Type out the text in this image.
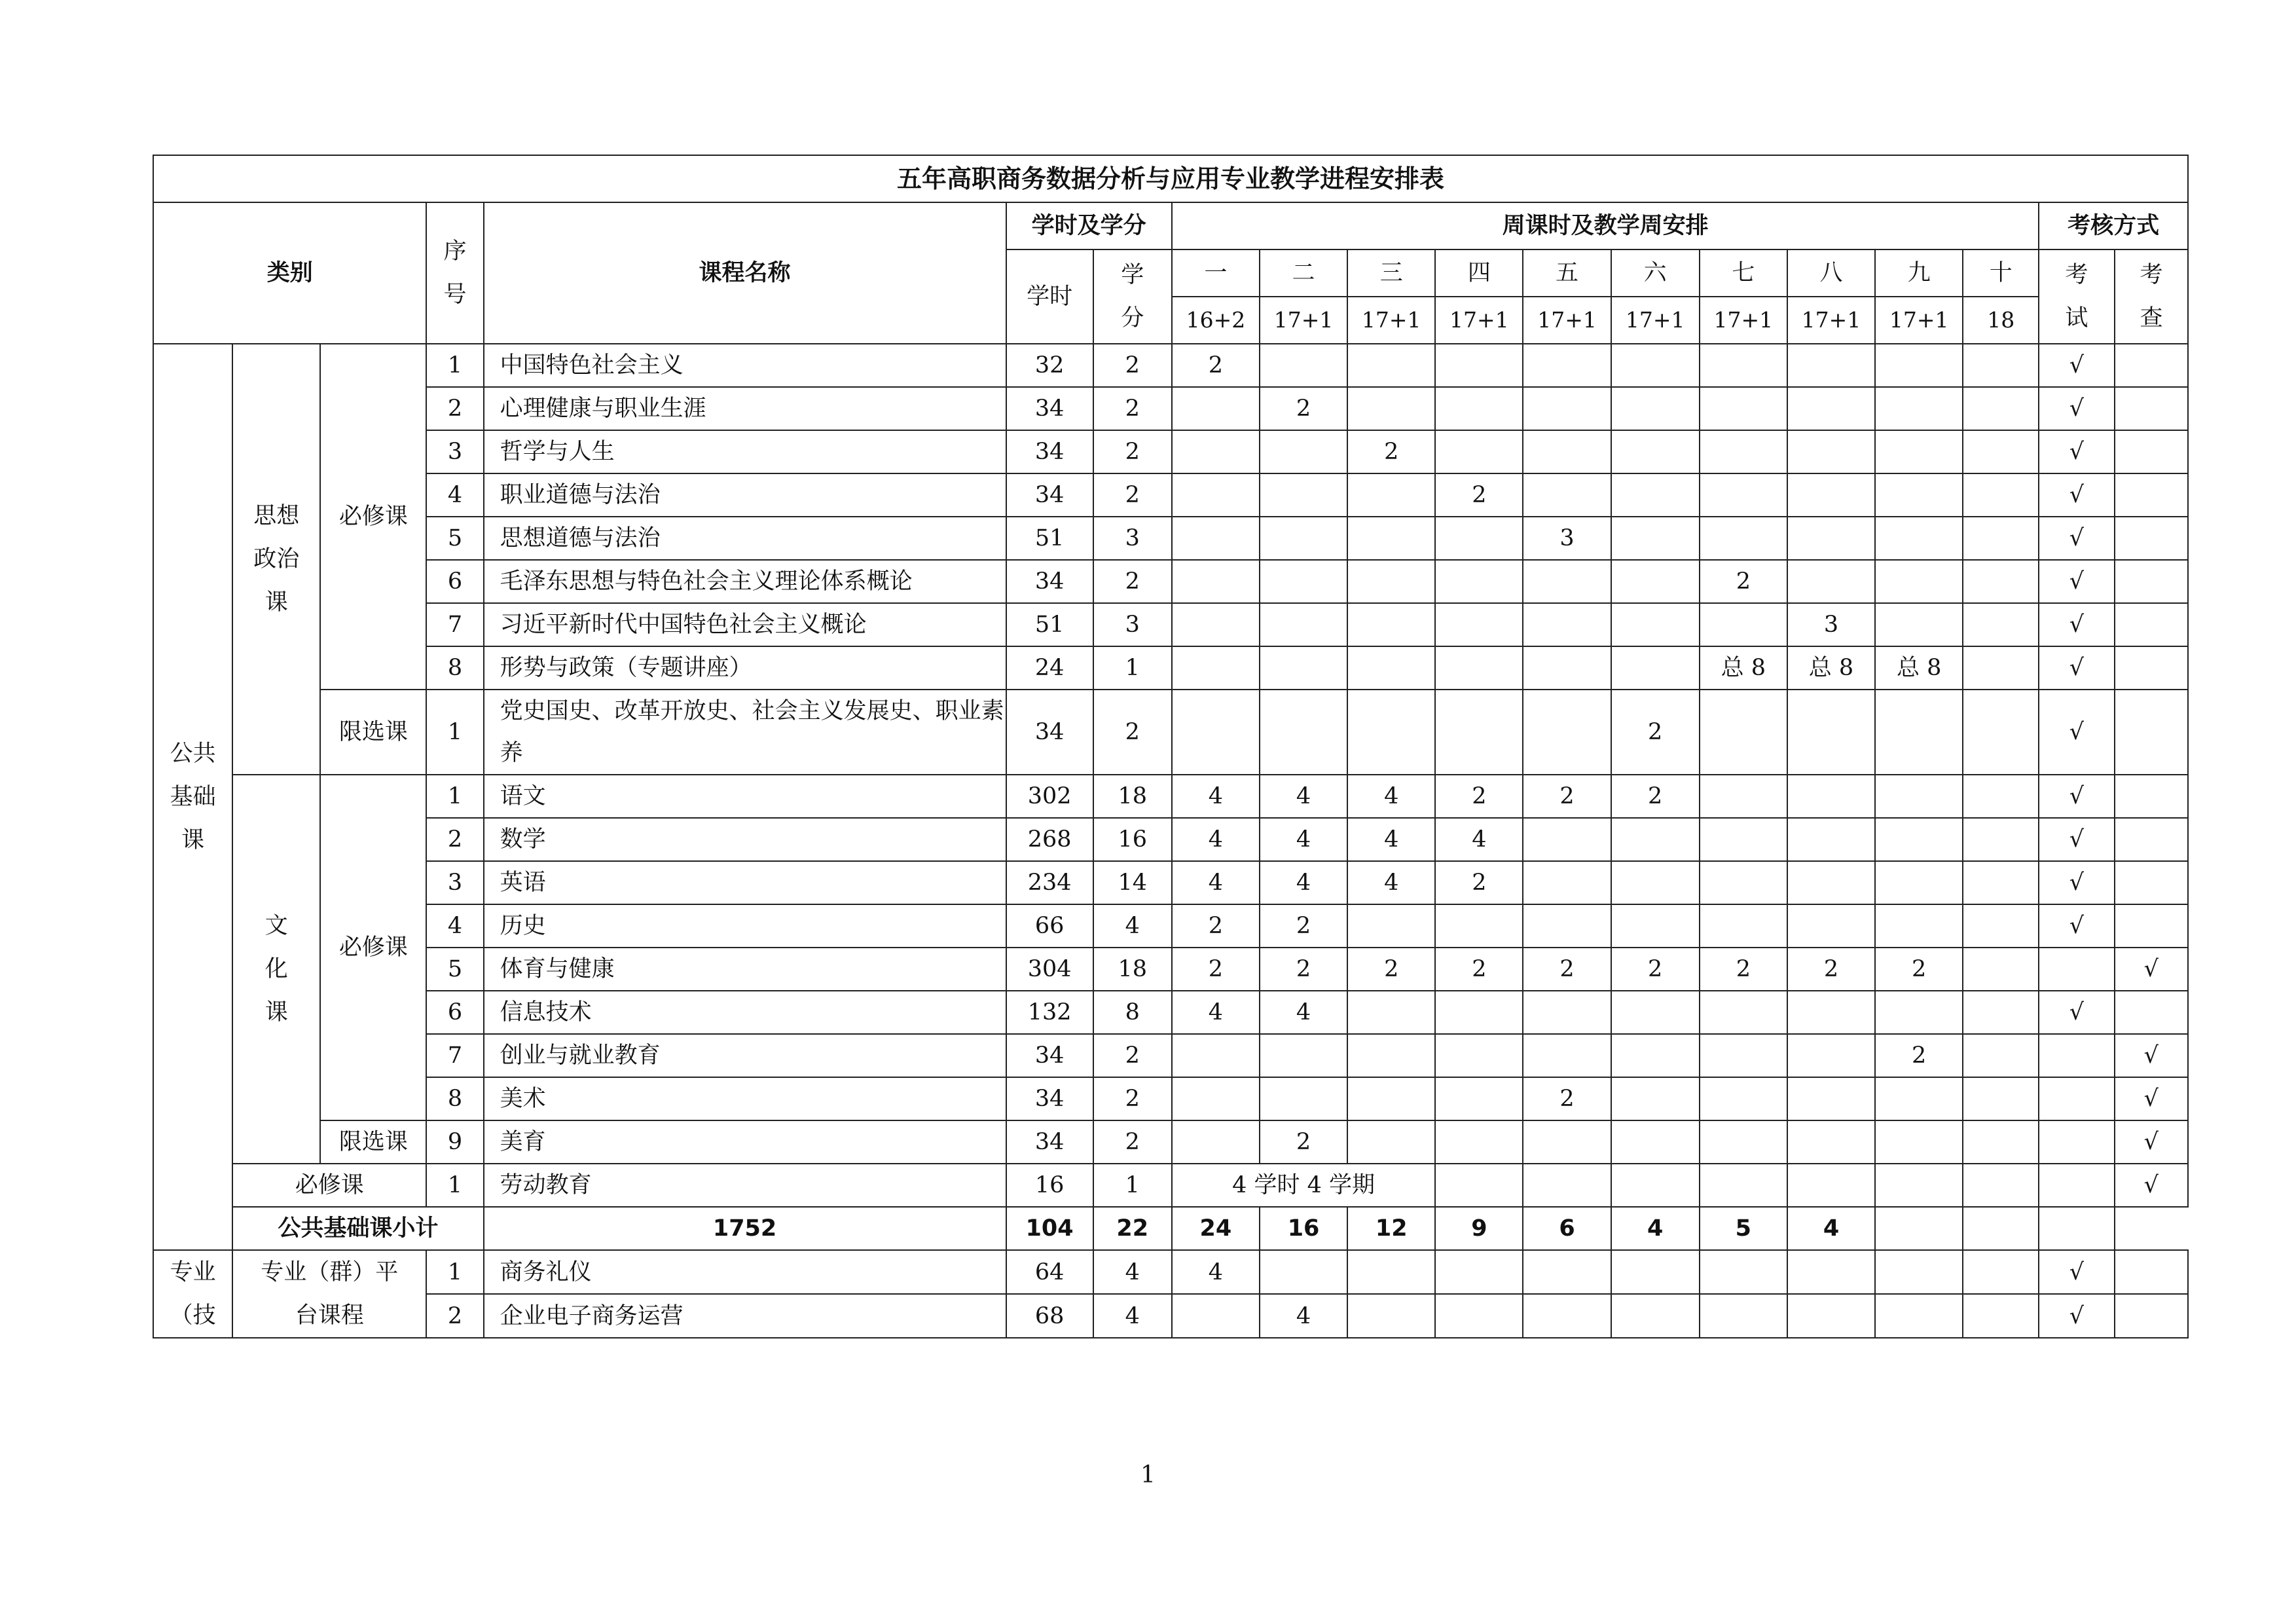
五年高职商务数据分析与应用专业教学进程安排表																		
类别			序号	课程名称	学时及学分		周课时及教学周安排										考核方式	
					学时	学分	一	二	三	四	五	六	七	八	九	十	考试	考查
							16+2	17+1	17+1	17+1	17+1	17+1	17+1	17+1	17+1	18		
公共基础课	思想政治课	必修课	1	中国特色社会主义	32	2	2										√	
			2	心理健康与职业生涯	34	2		2									√	
			3	哲学与人生	34	2			2								√	
			4	职业道德与法治	34	2				2							√	
			5	思想道德与法治	51	3					3						√	
			6	毛泽东思想与特色社会主义理论体系概论	34	2							2				√	
			7	习近平新时代中国特色社会主义概论	51	3								3			√	
			8	形势与政策（专题讲座）	24	1							总 8	总 8	总 8		√	
		限选课	1	党史国史、改革开放史、社会主义发展史、职业素养	34	2						2					√	
	文化课	必修课	1	语文	302	18	4	4	4	2	2	2					√	
			2	数学	268	16	4	4	4	4							√	
			3	英语	234	14	4	4	4	2							√	
			4	历史	66	4	2	2									√	
			5	体育与健康	304	18	2	2	2	2	2	2	2	2	2			√
			6	信息技术	132	8	4	4									√	
			7	创业与就业教育	34	2									2			√
			8	美术	34	2					2							√
		限选课	9	美育	34	2		2										√
	必修课		1	劳动教育	16	1	4 学时 4 学期											√
	公共基础课小计			1752	104	22	24	16	12	9	6	4	5	4				
专业（技	专业（群）平台课程		1	商务礼仪	64	4	4										√	
			2	企业电子商务运营	68	4		4									√	
1
